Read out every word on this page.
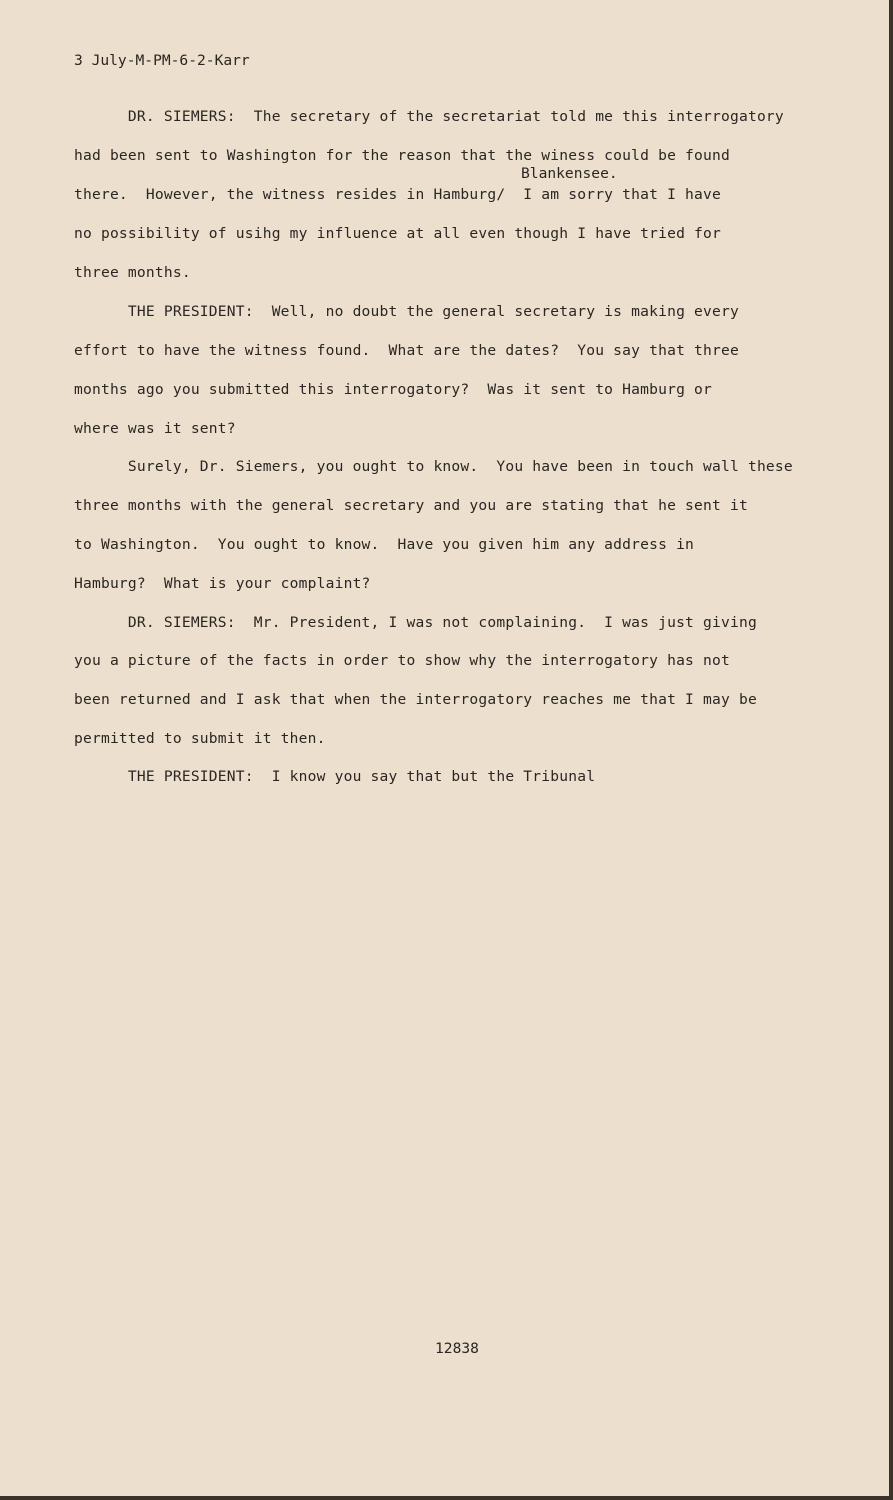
3 July-M-PM-6-2-Karr
Blankensee.
DR. SIEMERS:  The secretary of the secretariat told me this interrogatory
had been sent to Washington for the reason that the winess could be found
there.  However, the witness resides in Hamburg/  I am sorry that I have
no possibility of usihg my influence at all even though I have tried for
three months.
THE PRESIDENT:  Well, no doubt the general secretary is making every
effort to have the witness found.  What are the dates?  You say that three
months ago you submitted this interrogatory?  Was it sent to Hamburg or
where was it sent?
Surely, Dr. Siemers, you ought to know.  You have been in touch wall these
three months with the general secretary and you are stating that he sent it
to Washington.  You ought to know.  Have you given him any address in
Hamburg?  What is your complaint?
DR. SIEMERS:  Mr. President, I was not complaining.  I was just giving
you a picture of the facts in order to show why the interrogatory has not
been returned and I ask that when the interrogatory reaches me that I may be
permitted to submit it then.
THE PRESIDENT:  I know you say that but the Tribunal
12838
